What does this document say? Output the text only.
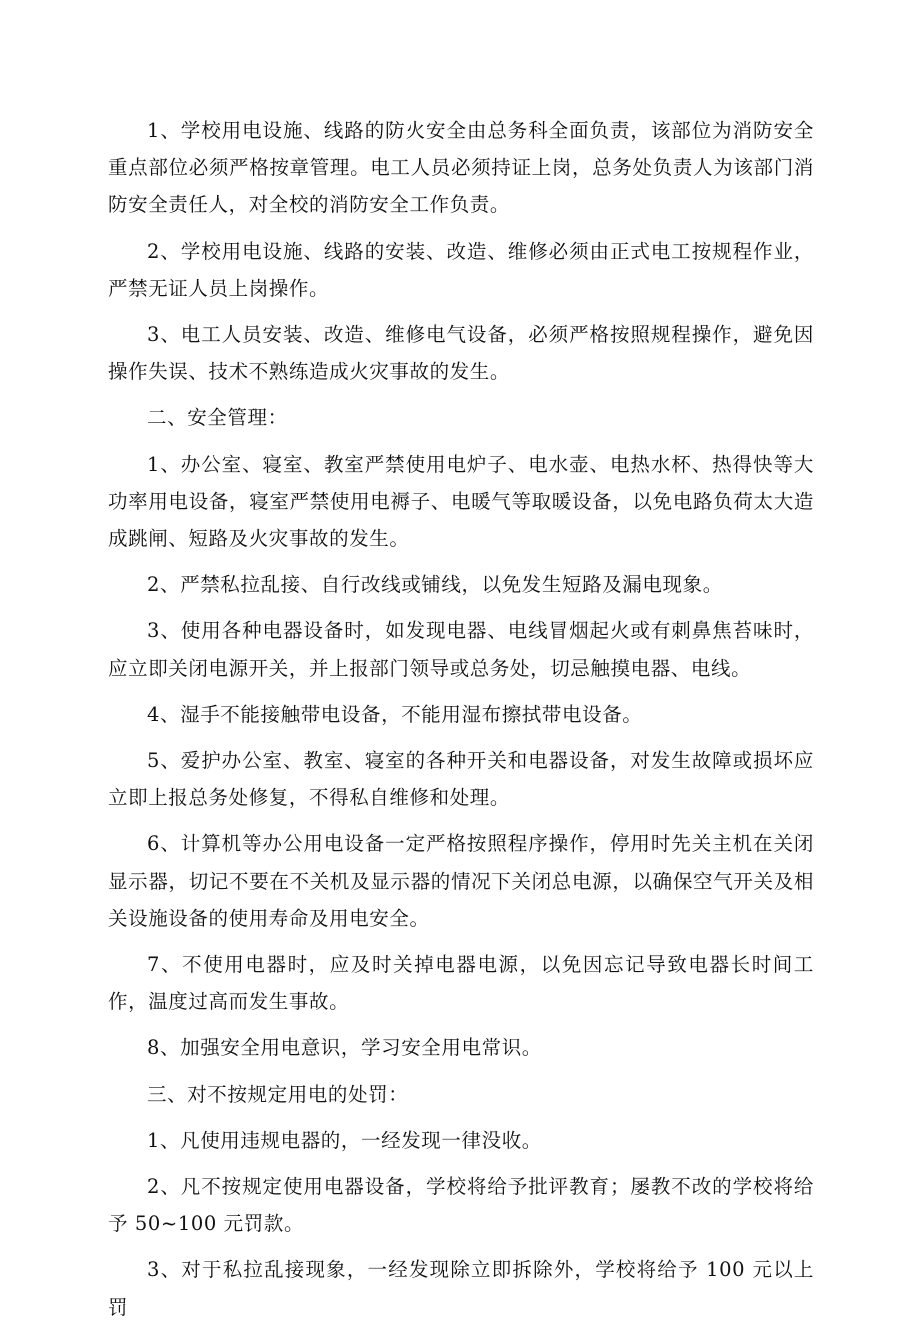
1、学校用电设施、线路的防火安全由总务科全面负责，该部位为消防安全重点部位必须严格按章管理。电工人员必须持证上岗，总务处负责人为该部门消防安全责任人，对全校的消防安全工作负责。

2、学校用电设施、线路的安装、改造、维修必须由正式电工按规程作业，严禁无证人员上岗操作。

3、电工人员安装、改造、维修电气设备，必须严格按照规程操作，避免因操作失误、技术不熟练造成火灾事故的发生。

二、安全管理：

1、办公室、寝室、教室严禁使用电炉子、电水壶、电热水杯、热得快等大功率用电设备，寝室严禁使用电褥子、电暖气等取暖设备，以免电路负荷太大造成跳闸、短路及火灾事故的发生。

2、严禁私拉乱接、自行改线或铺线，以免发生短路及漏电现象。

3、使用各种电器设备时，如发现电器、电线冒烟起火或有刺鼻焦苔味时，应立即关闭电源开关，并上报部门领导或总务处，切忌触摸电器、电线。

4、湿手不能接触带电设备，不能用湿布擦拭带电设备。

5、爱护办公室、教室、寝室的各种开关和电器设备，对发生故障或损坏应立即上报总务处修复，不得私自维修和处理。

6、计算机等办公用电设备一定严格按照程序操作，停用时先关主机在关闭显示器，切记不要在不关机及显示器的情况下关闭总电源，以确保空气开关及相关设施设备的使用寿命及用电安全。

7、不使用电器时，应及时关掉电器电源，以免因忘记导致电器长时间工作，温度过高而发生事故。

8、加强安全用电意识，学习安全用电常识。

三、对不按规定用电的处罚：

1、凡使用违规电器的，一经发现一律没收。

2、凡不按规定使用电器设备，学校将给予批评教育；屡教不改的学校将给予 50~100 元罚款。

3、对于私拉乱接现象，一经发现除立即拆除外，学校将给予 100 元以上罚
